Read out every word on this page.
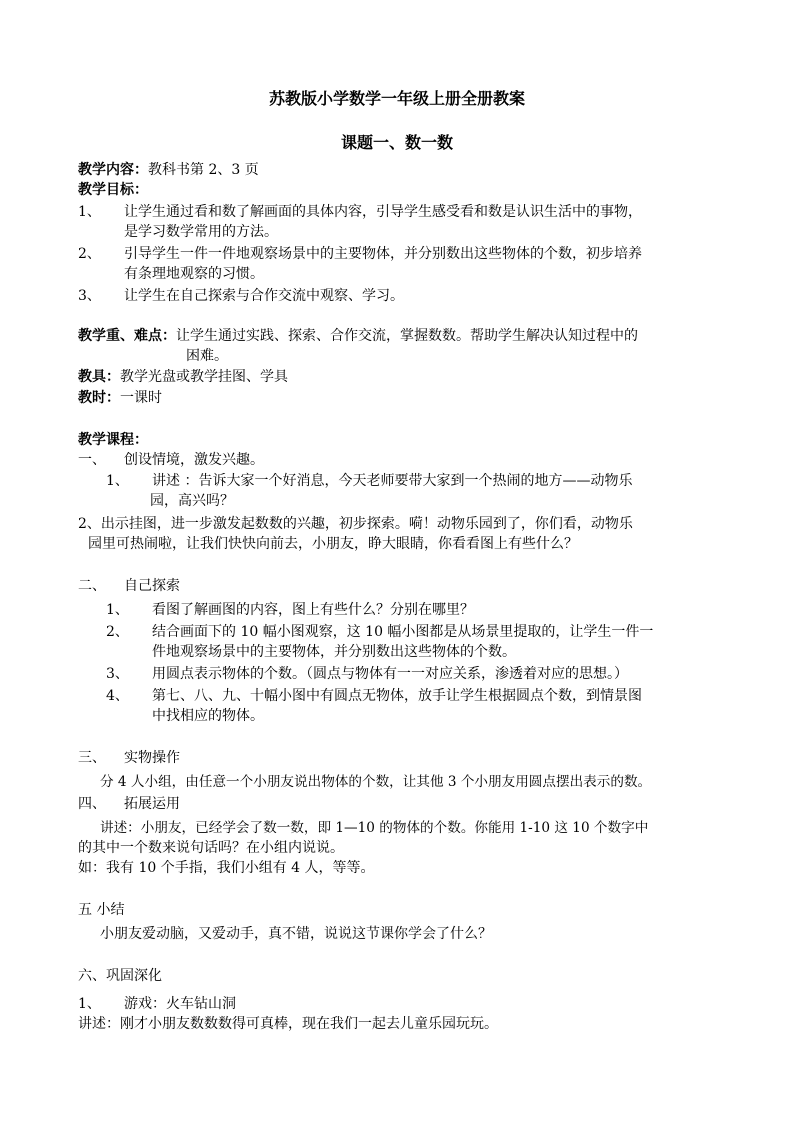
苏教版小学数学一年级上册全册教案
课题一、数一数
教学内容：教科书第 2、3 页
教学目标：
1、 让学生通过看和数了解画面的具体内容，引导学生感受看和数是认识生活中的事物，
是学习数学常用的方法。
2、 引导学生一件一件地观察场景中的主要物体，并分别数出这些物体的个数，初步培养
有条理地观察的习惯。
3、 让学生在自己探索与合作交流中观察、学习。
教学重、难点：让学生通过实践、探索、合作交流，掌握数数。帮助学生解决认知过程中的
困难。
教具：教学光盘或教学挂图、学具
教时：一课时
教学课程：
一、 创设情境，激发兴趣。
1、 讲述 ：告诉大家一个好消息，今天老师要带大家到一个热闹的地方——动物乐
园，高兴吗？
2、出示挂图，进一步激发起数数的兴趣，初步探索。嗬！动物乐园到了，你们看，动物乐
园里可热闹啦，让我们快快向前去，小朋友，睁大眼睛，你看看图上有些什么？
二、 自己探索
1、 看图了解画图的内容，图上有些什么？分别在哪里？
2、 结合画面下的 10 幅小图观察，这 10 幅小图都是从场景里提取的，让学生一件一
件地观察场景中的主要物体，并分别数出这些物体的个数。
3、 用圆点表示物体的个数。（圆点与物体有一一对应关系，渗透着对应的思想。）
4、 第七、八、九、十幅小图中有圆点无物体，放手让学生根据圆点个数，到情景图
中找相应的物体。
三、 实物操作
分 4 人小组，由任意一个小朋友说出物体的个数，让其他 3 个小朋友用圆点摆出表示的数。
四、 拓展运用
讲述：小朋友，已经学会了数一数，即 1—10 的物体的个数。你能用 1-10 这 10 个数字中
的其中一个数来说句话吗？在小组内说说。
如：我有 10 个手指，我们小组有 4 人，等等。
五 小结
小朋友爱动脑，又爱动手，真不错，说说这节课你学会了什么？
六、巩固深化
1、 游戏：火车钻山洞
讲述：刚才小朋友数数数得可真棒，现在我们一起去儿童乐园玩玩。
